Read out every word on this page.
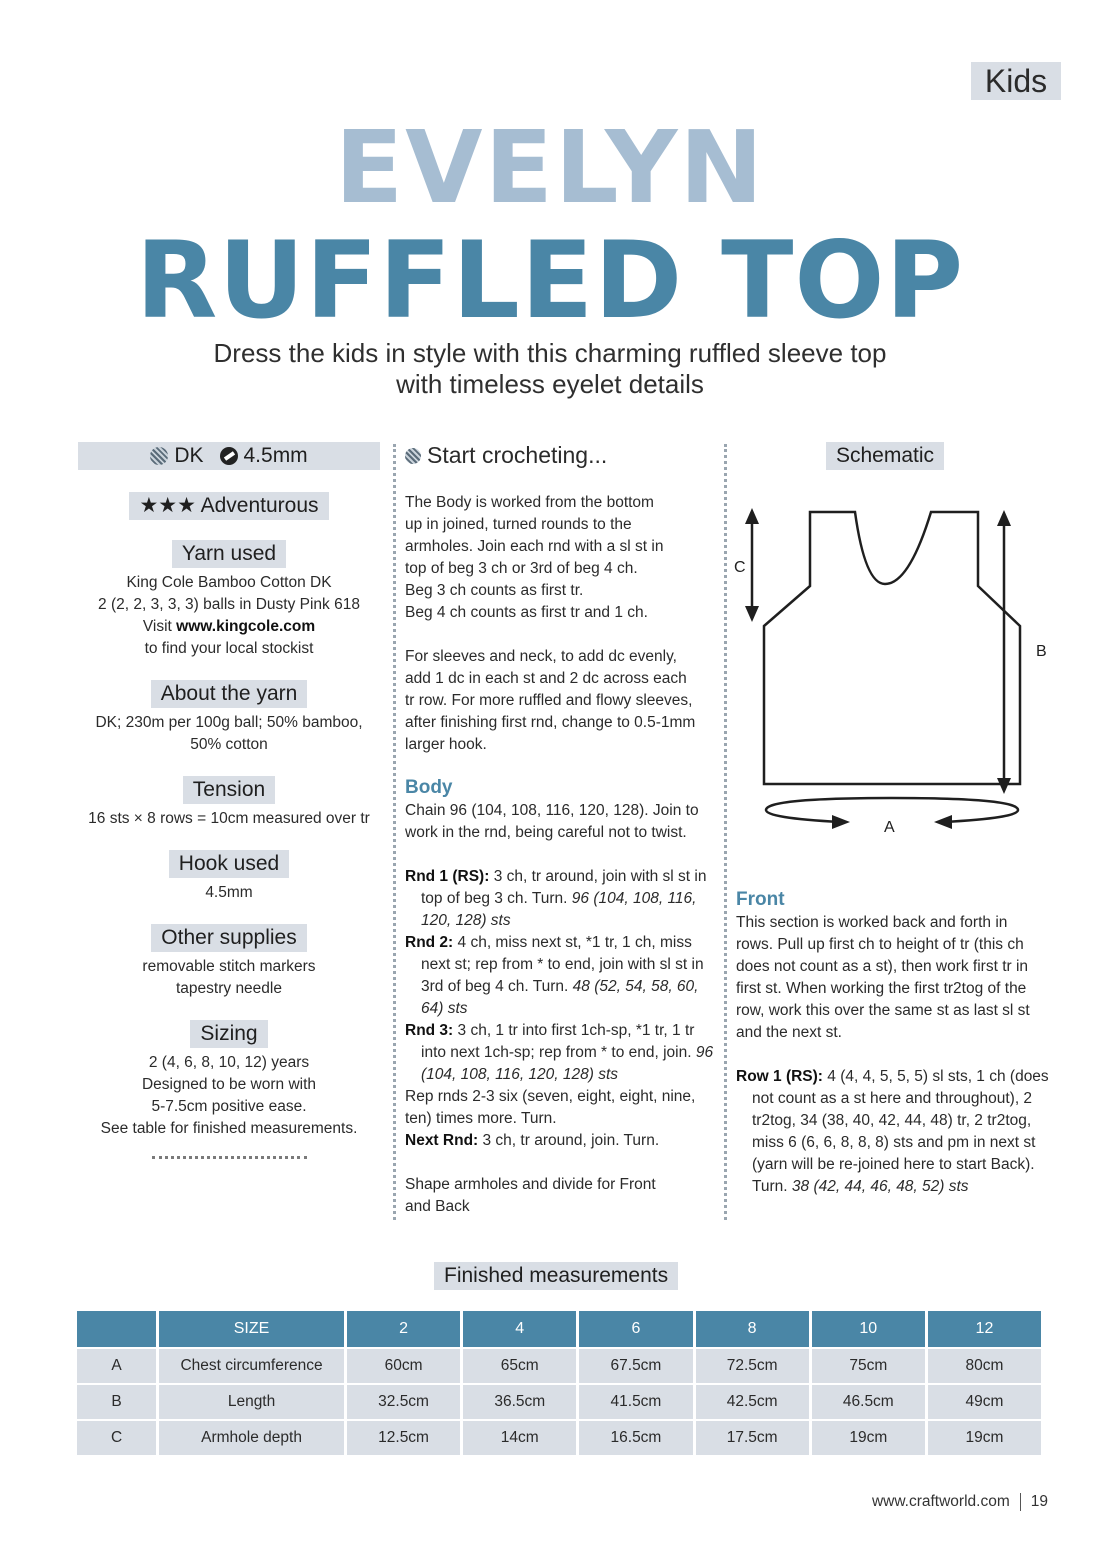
Kids
EVELYN
RUFFLED TOP
Dress the kids in style with this charming ruffled sleeve top
with timeless eyelet details
DK 4.5mm
★★★ Adventurous
Yarn used
King Cole Bamboo Cotton DK
2 (2, 2, 3, 3, 3) balls in Dusty Pink 618
Visit www.kingcole.com
to find your local stockist
About the yarn
DK; 230m per 100g ball; 50% bamboo,
50% cotton
Tension
16 sts × 8 rows = 10cm measured over tr
Hook used
4.5mm
Other supplies
removable stitch markers
tapestry needle
Sizing
2 (4, 6, 8, 10, 12) years
Designed to be worn with
5-7.5cm positive ease.
See table for finished measurements.
Start crocheting...
The Body is worked from the bottom
up in joined, turned rounds to the
armholes. Join each rnd with a sl st in
top of beg 3 ch or 3rd of beg 4 ch.
Beg 3 ch counts as first tr.
Beg 4 ch counts as first tr and 1 ch.
For sleeves and neck, to add dc evenly,
add 1 dc in each st and 2 dc across each
tr row. For more ruffled and flowy sleeves,
after finishing first rnd, change to 0.5-1mm
larger hook.
Body
Chain 96 (104, 108, 116, 120, 128). Join to
work in the rnd, being careful not to twist.
Rnd 1 (RS): 3 ch, tr around, join with sl st in top of beg 3 ch. Turn. 96 (104, 108, 116, 120, 128) sts
Rnd 2: 4 ch, miss next st, *1 tr, 1 ch, miss next st; rep from * to end, join with sl st in 3rd of beg 4 ch. Turn. 48 (52, 54, 58, 60, 64) sts
Rnd 3: 3 ch, 1 tr into first 1ch-sp, *1 tr, 1 tr into next 1ch-sp; rep from * to end, join. 96 (104, 108, 116, 120, 128) sts
Rep rnds 2-3 six (seven, eight, eight, nine, ten) times more. Turn.
Next Rnd: 3 ch, tr around, join. Turn.
Shape armholes and divide for Front
and Back
Schematic
C
B
A
Front
This section is worked back and forth in
rows. Pull up first ch to height of tr (this ch
does not count as a st), then work first tr in
first st. When working the first tr2tog of the
row, work this over the same st as last sl st
and the next st.
Row 1 (RS): 4 (4, 4, 5, 5, 5) sl sts, 1 ch (does not count as a st here and throughout), 2 tr2tog, 34 (38, 40, 42, 44, 48) tr, 2 tr2tog, miss 6 (6, 6, 8, 8, 8) sts and pm in next st (yarn will be re-joined here to start Back). Turn. 38 (42, 44, 46, 48, 52) sts
Finished measurements
	SIZE	2	4	6	8	10	12
A	Chest circumference	60cm	65cm	67.5cm	72.5cm	75cm	80cm
B	Length	32.5cm	36.5cm	41.5cm	42.5cm	46.5cm	49cm
C	Armhole depth	12.5cm	14cm	16.5cm	17.5cm	19cm	19cm
www.craftworld.com 19
